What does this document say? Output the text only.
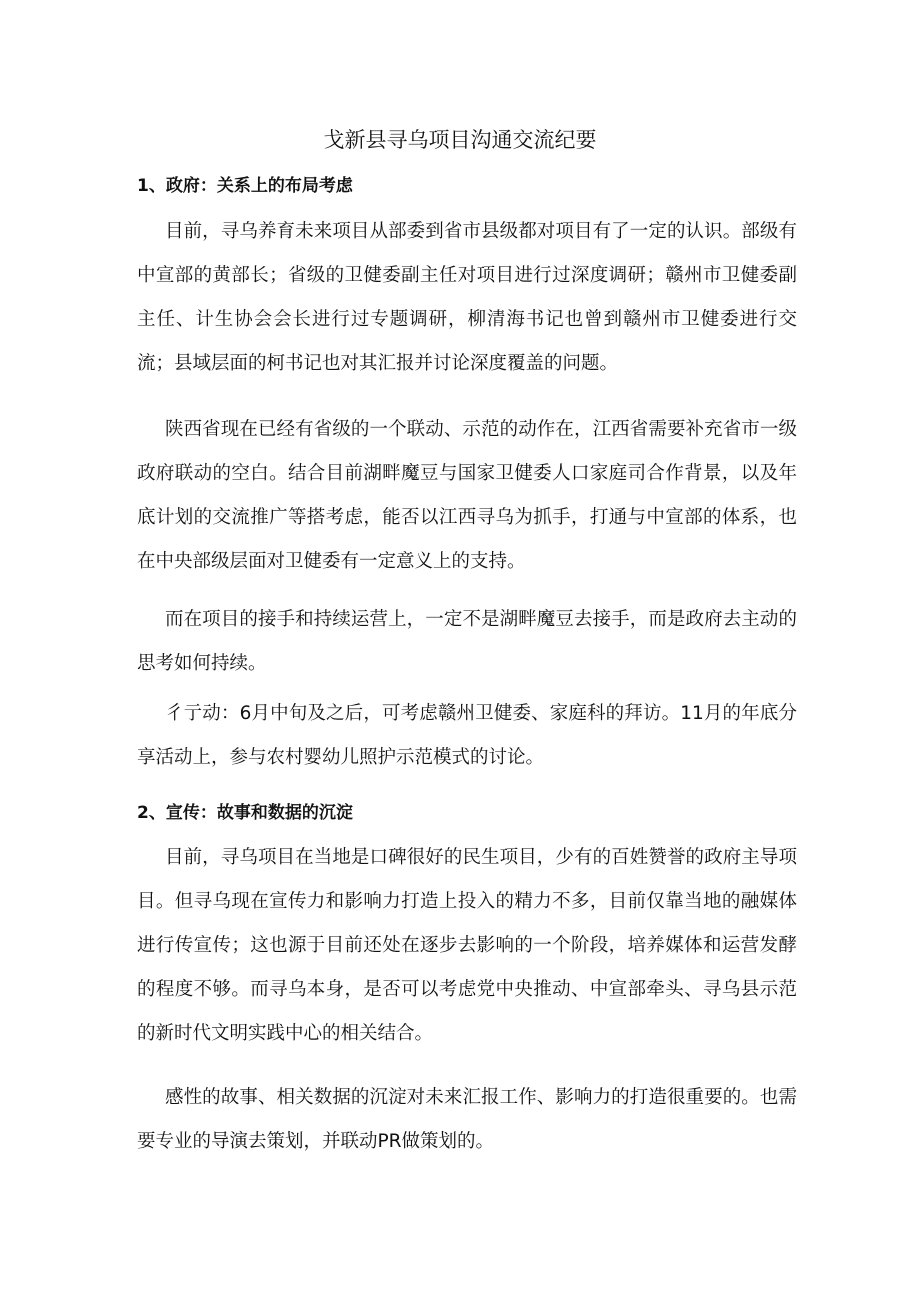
戈新县寻乌项目沟通交流纪要
1、政府：关系上的布局考虑

目前，寻乌养育未来项目从部委到省市县级都对项目有了一定的认识。部级有中宣部的黄部长；省级的卫健委副主任对项目进行过深度调研；赣州市卫健委副主任、计生协会会长进行过专题调研，柳清海书记也曾到赣州市卫健委进行交流；县域层面的柯书记也对其汇报并讨论深度覆盖的问题。

陕西省现在已经有省级的一个联动、示范的动作在，江西省需要补充省市一级政府联动的空白。结合目前湖畔魔豆与国家卫健委人口家庭司合作背景，以及年底计划的交流推广等搭考虑，能否以江西寻乌为抓手，打通与中宣部的体系，也在中央部级层面对卫健委有一定意义上的支持。

而在项目的接手和持续运营上，一定不是湖畔魔豆去接手，而是政府去主动的思考如何持续。

彳亍动：6月中旬及之后，可考虑赣州卫健委、家庭科的拜访。11月的年底分享活动上，参与农村婴幼儿照护示范模式的讨论。

2、宣传：故事和数据的沉淀

目前，寻乌项目在当地是口碑很好的民生项目，少有的百姓赞誉的政府主导项目。但寻乌现在宣传力和影响力打造上投入的精力不多，目前仅靠当地的融媒体进行传宣传；这也源于目前还处在逐步去影响的一个阶段，培养媒体和运营发酵的程度不够。而寻乌本身，是否可以考虑党中央推动、中宣部牵头、寻乌县示范的新时代文明实践中心的相关结合。

感性的故事、相关数据的沉淀对未来汇报工作、影响力的打造很重要的。也需要专业的导演去策划，并联动PR做策划的。
